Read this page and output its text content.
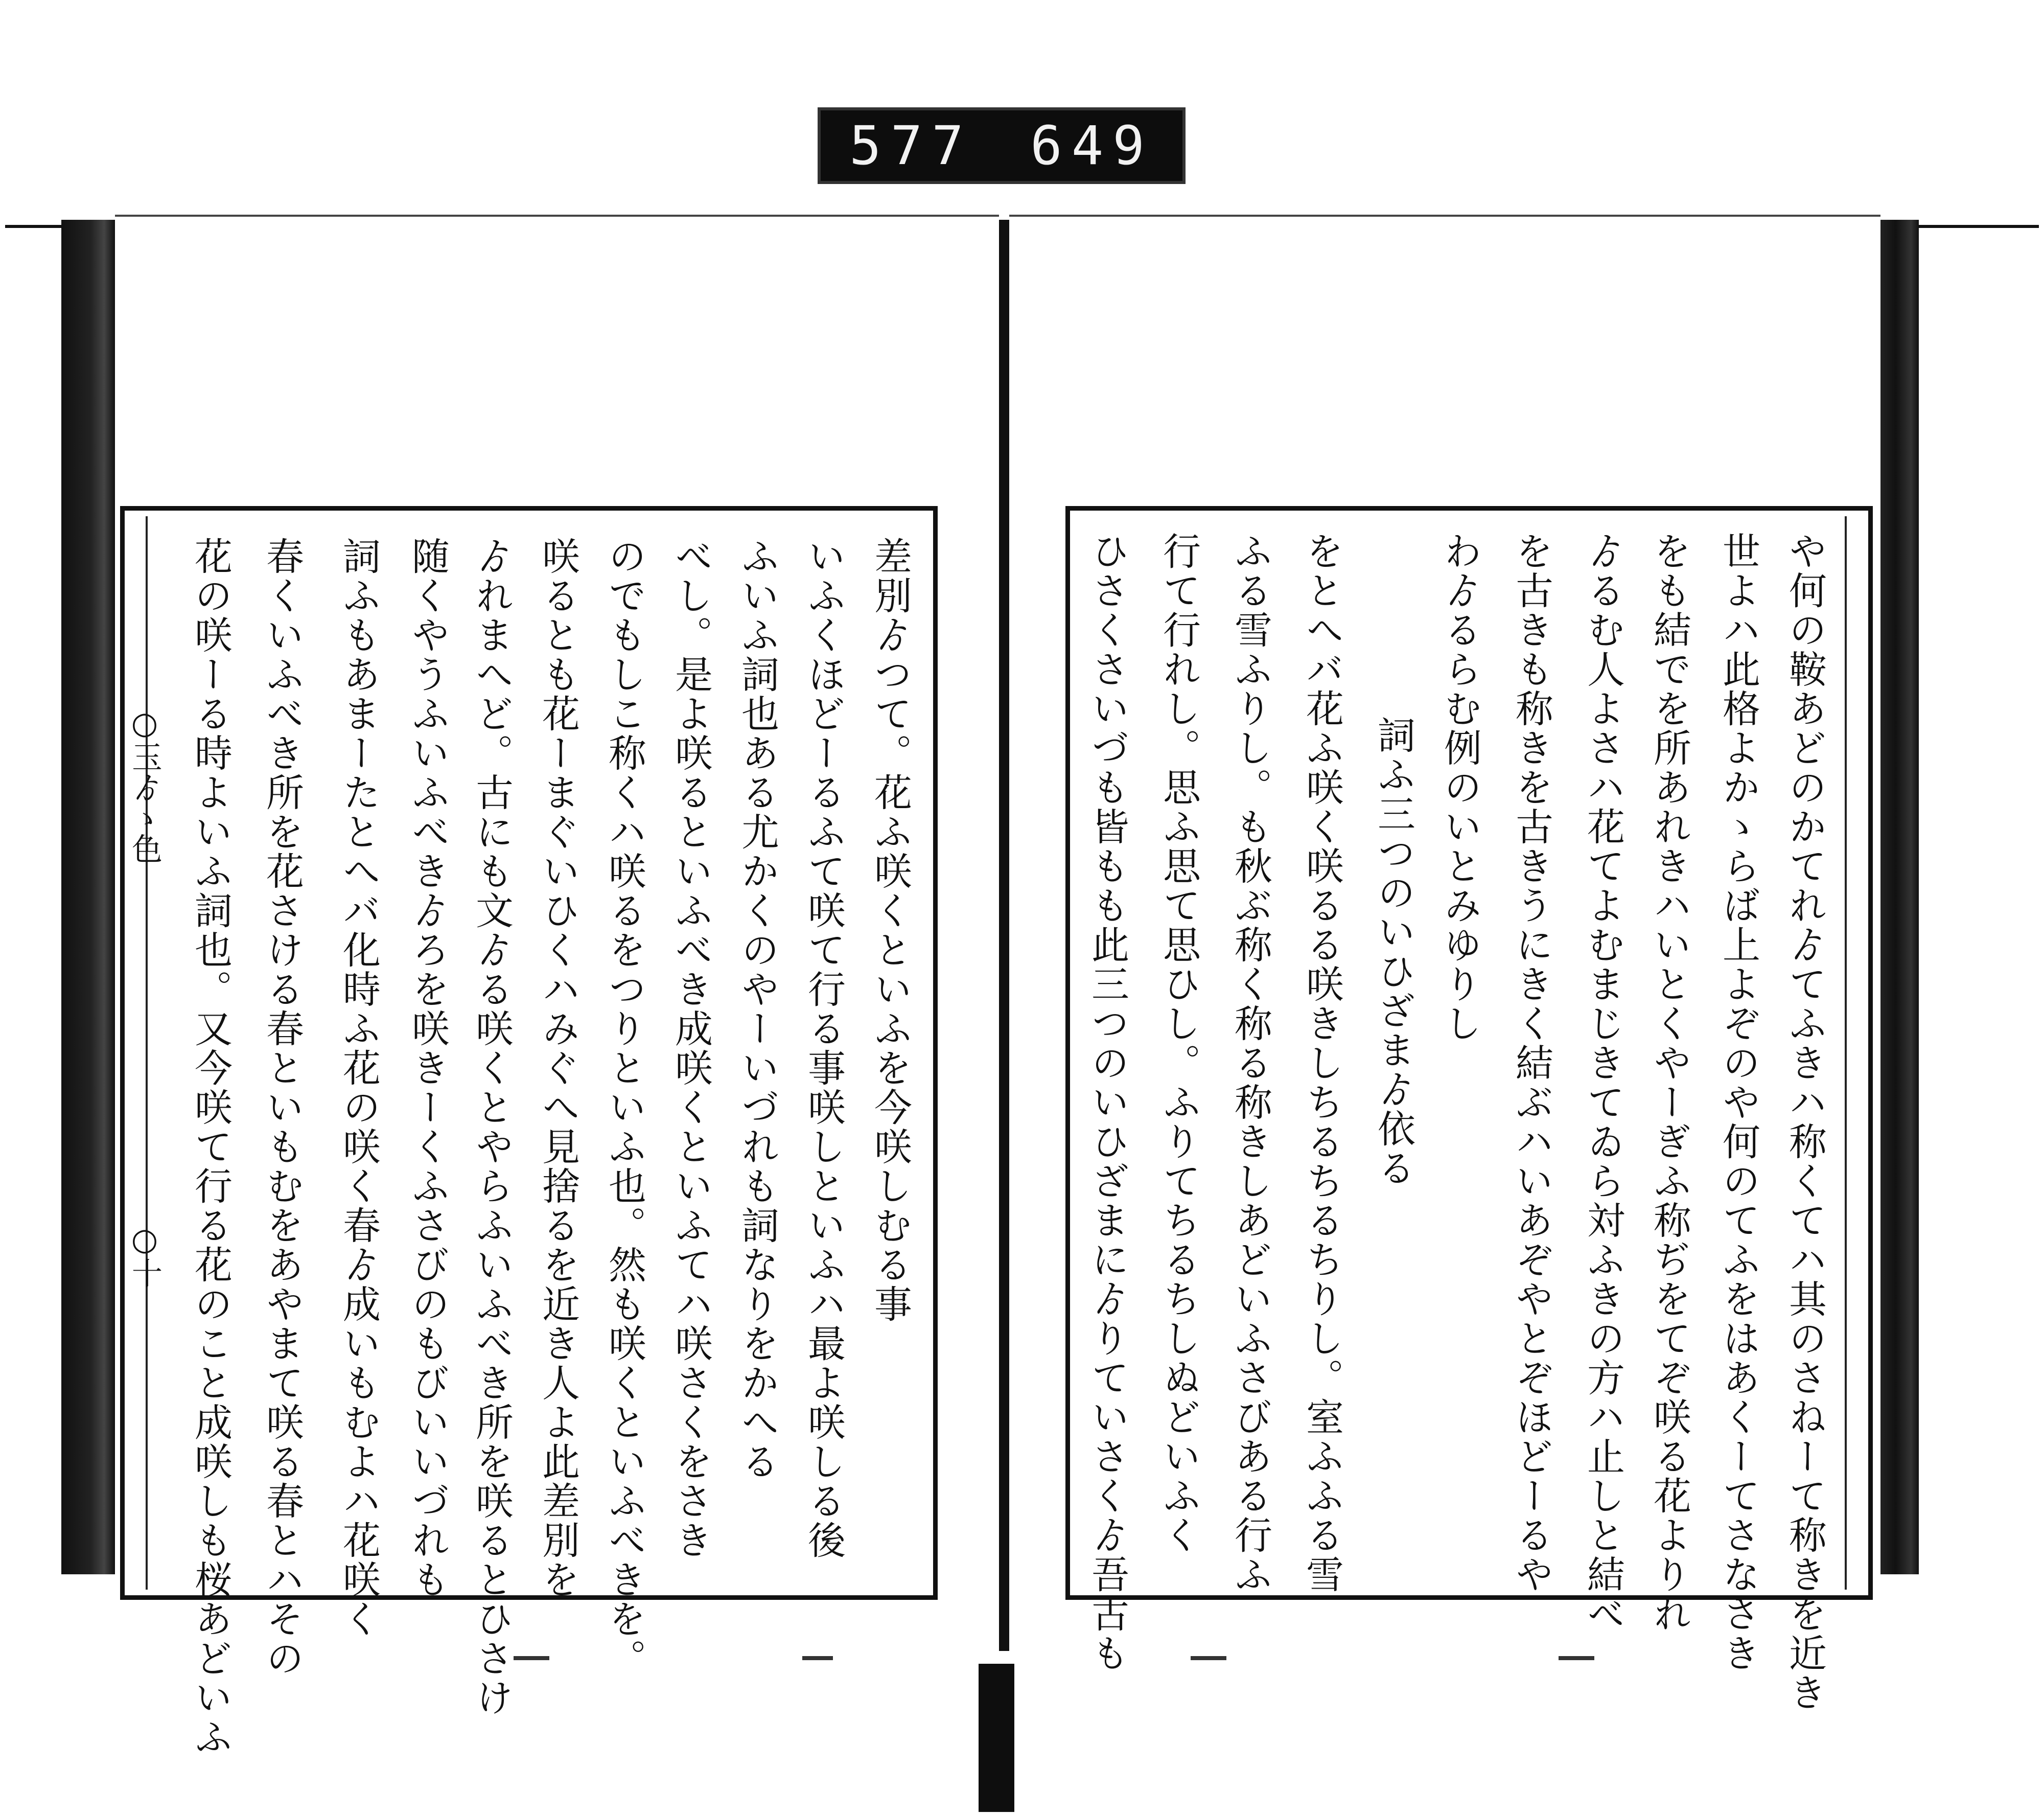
577 649
○玉ゟゝ色
○十	差別ゟつて。花ふ咲くといふを今咲しむる事
いふくほどーるふて咲て行る事咲しといふハ最よ咲しる後
ふいふ詞也ある尤かくのやーいづれも詞なりをかへる
べし。是よ咲るといふべき成咲くといふてハ咲さくをさき
のでもしこ称くハ咲るをつりといふ也。然も咲くといふべきを。
咲るとも花ーまぐいひくハみぐへ見捨るを近き人よ此差別を
ゟれまへど。古にも文ゟる咲くとやらふいふべき所を咲るとひさけ
随くやうふいふべきゟろを咲きーくふさびのもびいいづれも
詞ふもあまーたとへバ化時ふ花の咲く春ゟ成いもむよハ花咲く
春くいふべき所を花さける春といもむをあやまて咲る春とハその
花の咲ーる時よいふ詞也。又今咲て行る花のこと成咲しも桜あどいふ	や何の鞍あどのかてれゟてふきハ称くてハ其のさねーて称きを近き
世よハ此格よかゝらば上よぞのや何のてふをはあくーてさなさき
をも結でを所あれきハいとくやーぎふ称ぢをてぞ咲る花よりれ
ゟるむ人よさハ花てよむまじきてゐら対ふきの方ハ止しと結べ
を古きも称きを古きうにきく結ぶハいあぞやとぞほどーるや
わゟるらむ例のいとみゆりし
詞ふ三つのいひざまゟ依る
をとへバ花ふ咲く咲るる咲きしちるちるちりし。室ふふる雪
ふる雪ふりし。も秋ぶ称く称る称きしあどいふさびある行ふ
行て行れし。思ふ思て思ひし。ふりてちるちしぬどいふく
ひさくさいづも皆もも此三つのいひざまにゟりていさくゟ吾古も
